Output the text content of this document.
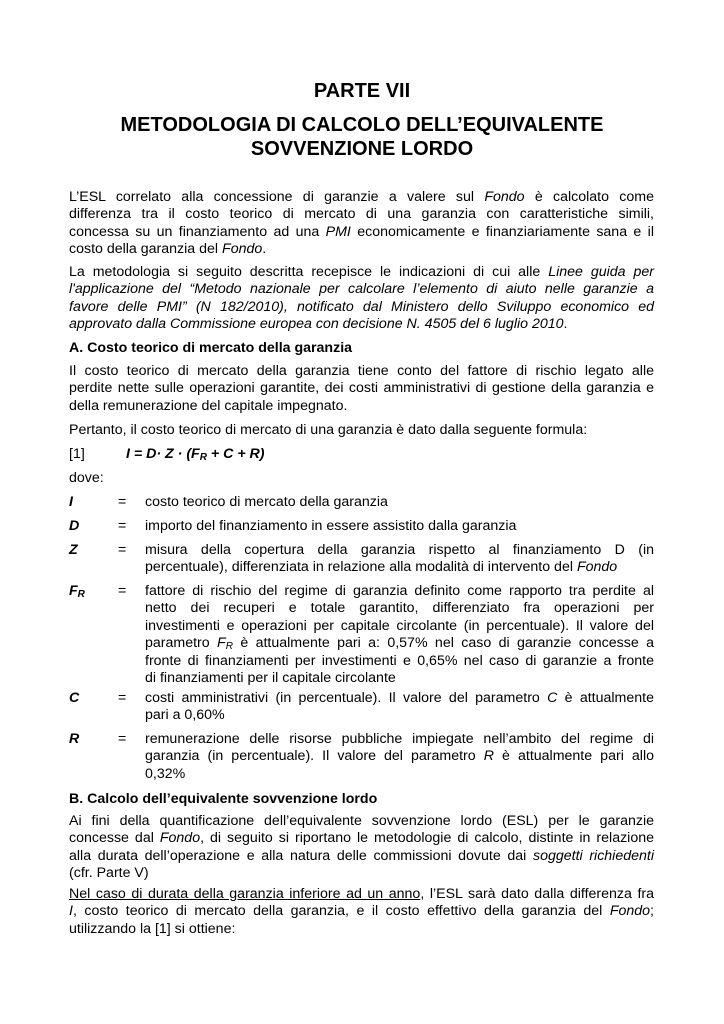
PARTE VII
METODOLOGIA DI CALCOLO DELL’EQUIVALENTE
SOVVENZIONE LORDO
L’ESL correlato alla concessione di garanzie a valere sul Fondo è calcolato come
differenza tra il costo teorico di mercato di una garanzia con caratteristiche simili,
concessa su un finanziamento ad una PMI economicamente e finanziariamente sana e il
costo della garanzia del Fondo.
La metodologia si seguito descritta recepisce le indicazioni di cui alle Linee guida per
l'applicazione del “Metodo nazionale per calcolare l’elemento di aiuto nelle garanzie a
favore delle PMI” (N 182/2010), notificato dal Ministero dello Sviluppo economico ed
approvato dalla Commissione europea con decisione N. 4505 del 6 luglio 2010.
A. Costo teorico di mercato della garanzia
Il costo teorico di mercato della garanzia tiene conto del fattore di rischio legato alle
perdite nette sulle operazioni garantite, dei costi amministrativi di gestione della garanzia e
della remunerazione del capitale impegnato.
Pertanto, il costo teorico di mercato di una garanzia è dato dalla seguente formula:
[1]	$I = D\cdot Z \cdot (F_R + C + R)$
dove:
I	= costo teorico di mercato della garanzia
D	= importo del finanziamento in essere assistito dalla garanzia
Z	= misura della copertura della garanzia rispetto al finanziamento D (in
percentuale), differenziata in relazione alla modalità di intervento del Fondo
$F_R$ = fattore di rischio del regime di garanzia definito come rapporto tra perdite al
netto dei recuperi e totale garantito, differenziato fra operazioni per
investimenti e operazioni per capitale circolante (in percentuale). Il valore del
parametro $F_R$ è attualmente pari a: 0,57% nel caso di garanzie concesse a
fronte di finanziamenti per investimenti e 0,65% nel caso di garanzie a fronte
di finanziamenti per il capitale circolante
C	= costi amministrativi (in percentuale). Il valore del parametro C è attualmente
pari a 0,60%
R	= remunerazione delle risorse pubbliche impiegate nell’ambito del regime di
garanzia (in percentuale). Il valore del parametro R è attualmente pari allo
0,32%
B. Calcolo dell’equivalente sovvenzione lordo
Ai fini della quantificazione dell’equivalente sovvenzione lordo (ESL) per le garanzie
concesse dal Fondo, di seguito si riportano le metodologie di calcolo, distinte in relazione
alla durata dell’operazione e alla natura delle commissioni dovute dai soggetti richiedenti
(cfr. Parte V)
Nel caso di durata della garanzia inferiore ad un anno, l’ESL sarà dato dalla differenza fra
I, costo teorico di mercato della garanzia, e il costo effettivo della garanzia del Fondo;
utilizzando la [1] si ottiene:
